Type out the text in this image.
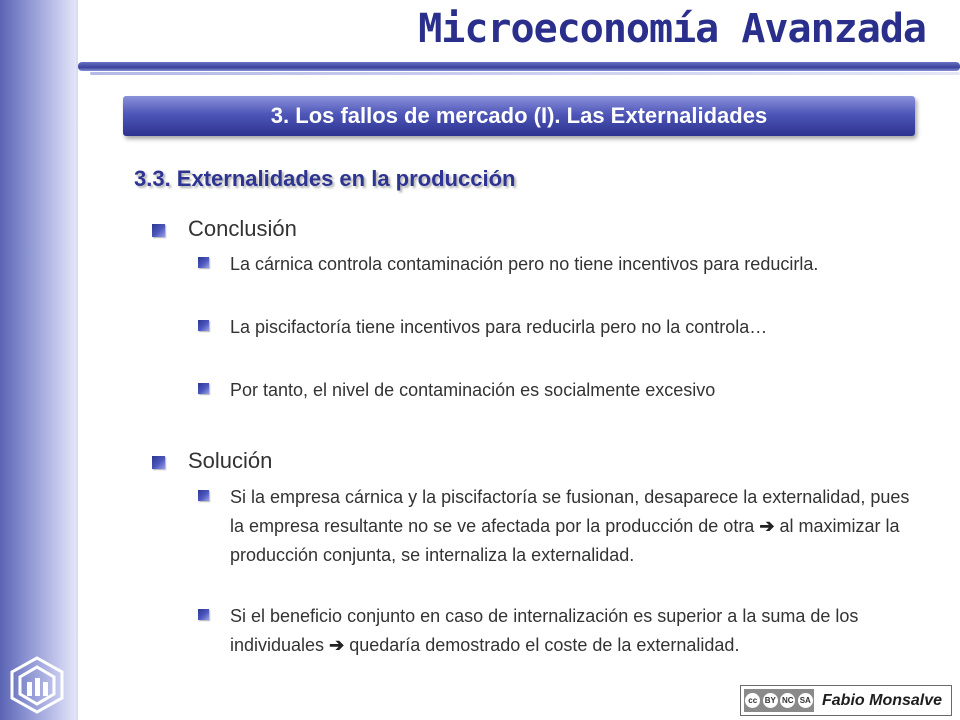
Microeconomía Avanzada
3. Los fallos de mercado (I). Las Externalidades
3.3. Externalidades en la producción
Conclusión
La cárnica controla contaminación pero no tiene incentivos para reducirla.
La piscifactoría tiene incentivos para reducirla pero no la controla…
Por tanto, el nivel de contaminación es socialmente excesivo
Solución
Si la empresa cárnica y la piscifactoría se fusionan, desaparece la externalidad, pues la empresa resultante no se ve afectada por la producción de otra ➔ al maximizar la producción conjunta, se internaliza la externalidad.
Si el beneficio conjunto en caso de internalización es superior a la suma de los individuales ➔ quedaría demostrado el coste de la externalidad.
cc BY NC SA Fabio Monsalve
